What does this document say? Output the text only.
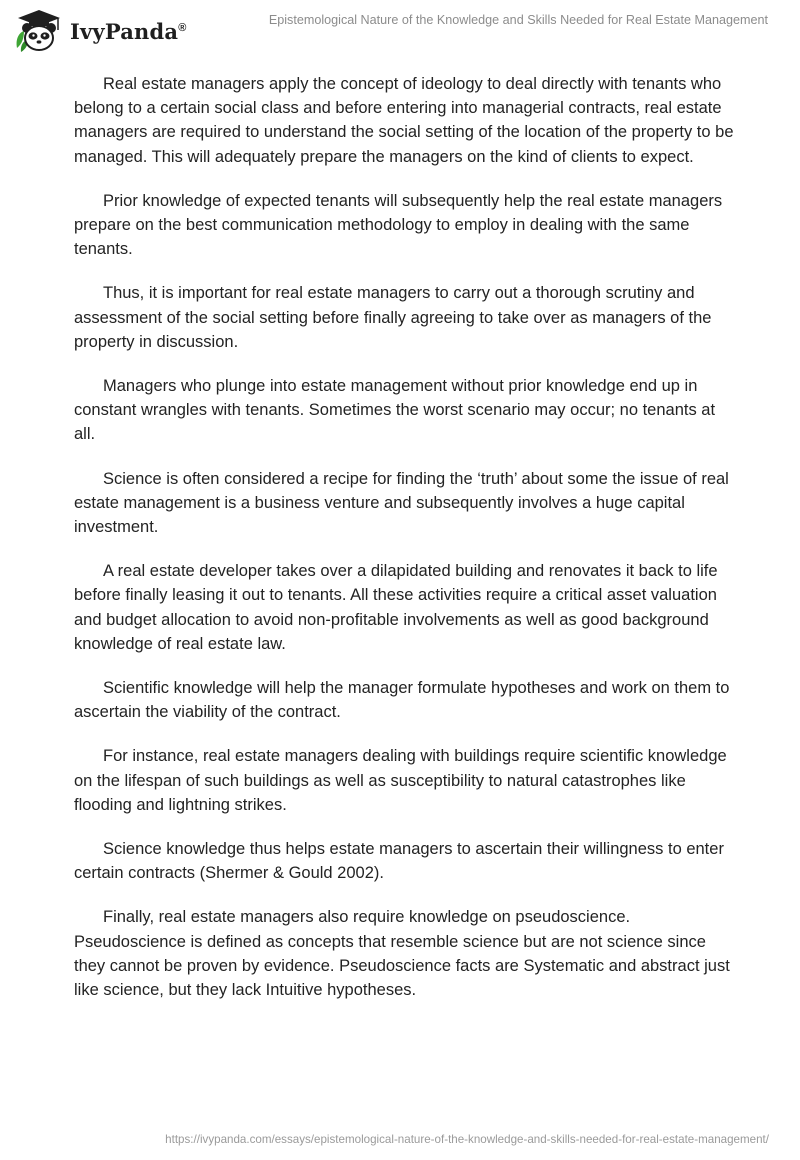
IvyPanda®
Epistemological Nature of the Knowledge and Skills Needed for Real Estate Management

Real estate managers apply the concept of ideology to deal directly with tenants who belong to a certain social class and before entering into managerial contracts, real estate managers are required to understand the social setting of the location of the property to be managed. This will adequately prepare the managers on the kind of clients to expect.

Prior knowledge of expected tenants will subsequently help the real estate managers prepare on the best communication methodology to employ in dealing with the same tenants.

Thus, it is important for real estate managers to carry out a thorough scrutiny and assessment of the social setting before finally agreeing to take over as managers of the property in discussion.

Managers who plunge into estate management without prior knowledge end up in constant wrangles with tenants. Sometimes the worst scenario may occur; no tenants at all.

Science is often considered a recipe for finding the ‘truth’ about some the issue of real estate management is a business venture and subsequently involves a huge capital investment.

A real estate developer takes over a dilapidated building and renovates it back to life before finally leasing it out to tenants. All these activities require a critical asset valuation and budget allocation to avoid non-profitable involvements as well as good background knowledge of real estate law.

Scientific knowledge will help the manager formulate hypotheses and work on them to ascertain the viability of the contract.

For instance, real estate managers dealing with buildings require scientific knowledge on the lifespan of such buildings as well as susceptibility to natural catastrophes like flooding and lightning strikes.

Science knowledge thus helps estate managers to ascertain their willingness to enter certain contracts (Shermer & Gould 2002).

Finally, real estate managers also require knowledge on pseudoscience. Pseudoscience is defined as concepts that resemble science but are not science since they cannot be proven by evidence. Pseudoscience facts are Systematic and abstract just like science, but they lack Intuitive hypotheses.

https://ivypanda.com/essays/epistemological-nature-of-the-knowledge-and-skills-needed-for-real-estate-management/
